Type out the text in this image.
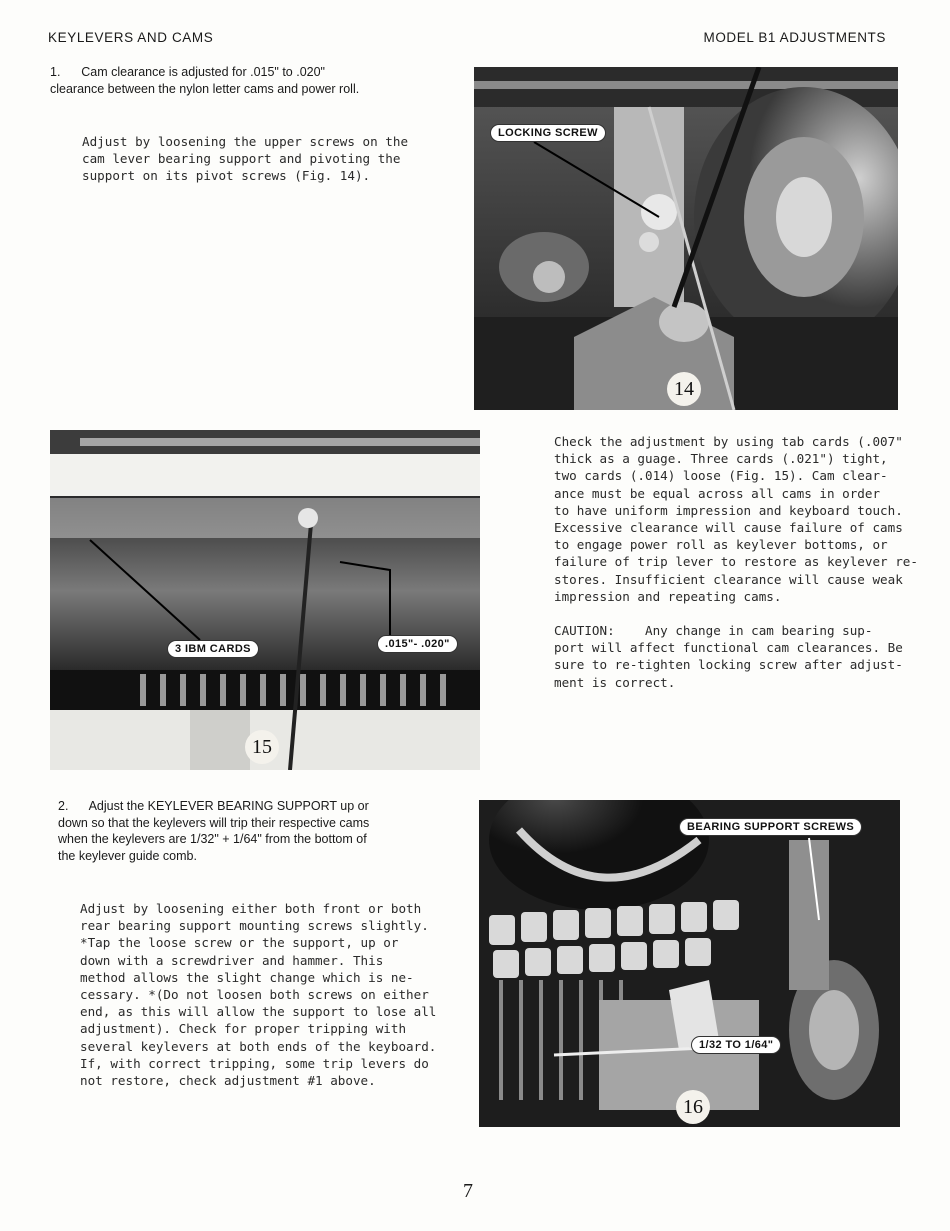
KEYLEVERS AND CAMS	MODEL B1 ADJUSTMENTS

1.      Cam clearance is adjusted for .015" to .020"

clearance between the nylon letter cams and power roll.

Adjust by loosening the upper screws on the

cam lever bearing support and pivoting the

support on its pivot screws (Fig. 14).

LOCKING SCREW
14
3 IBM CARDS	.015"- .020"
15

Check the adjustment by using tab cards (.007"

thick as a guage. Three cards (.021") tight,

two cards (.014) loose (Fig. 15). Cam clear-

ance must be equal across all cams in order

to have uniform impression and keyboard touch.

Excessive clearance will cause failure of cams

to engage power roll as keylever bottoms, or

failure of trip lever to restore as keylever re-

stores. Insufficient clearance will cause weak

impression and repeating cams.

CAUTION:    Any change in cam bearing sup-

port will affect functional cam clearances. Be

sure to re-tighten locking screw after adjust-

ment is correct.

2.      Adjust the KEYLEVER BEARING SUPPORT up or

down so that the keylevers will trip their respective cams

when the keylevers are 1/32" + 1/64" from the bottom of

the keylever guide comb.

Adjust by loosening either both front or both

rear bearing support mounting screws slightly.

*Tap the loose screw or the support, up or

down with a screwdriver and hammer. This

method allows the slight change which is ne-

cessary. *(Do not loosen both screws on either

end, as this will allow the support to lose all

adjustment). Check for proper tripping with

several keylevers at both ends of the keyboard.

If, with correct tripping, some trip levers do

not restore, check adjustment #1 above.

BEARING SUPPORT SCREWS
1/32 TO 1/64"
16
7
